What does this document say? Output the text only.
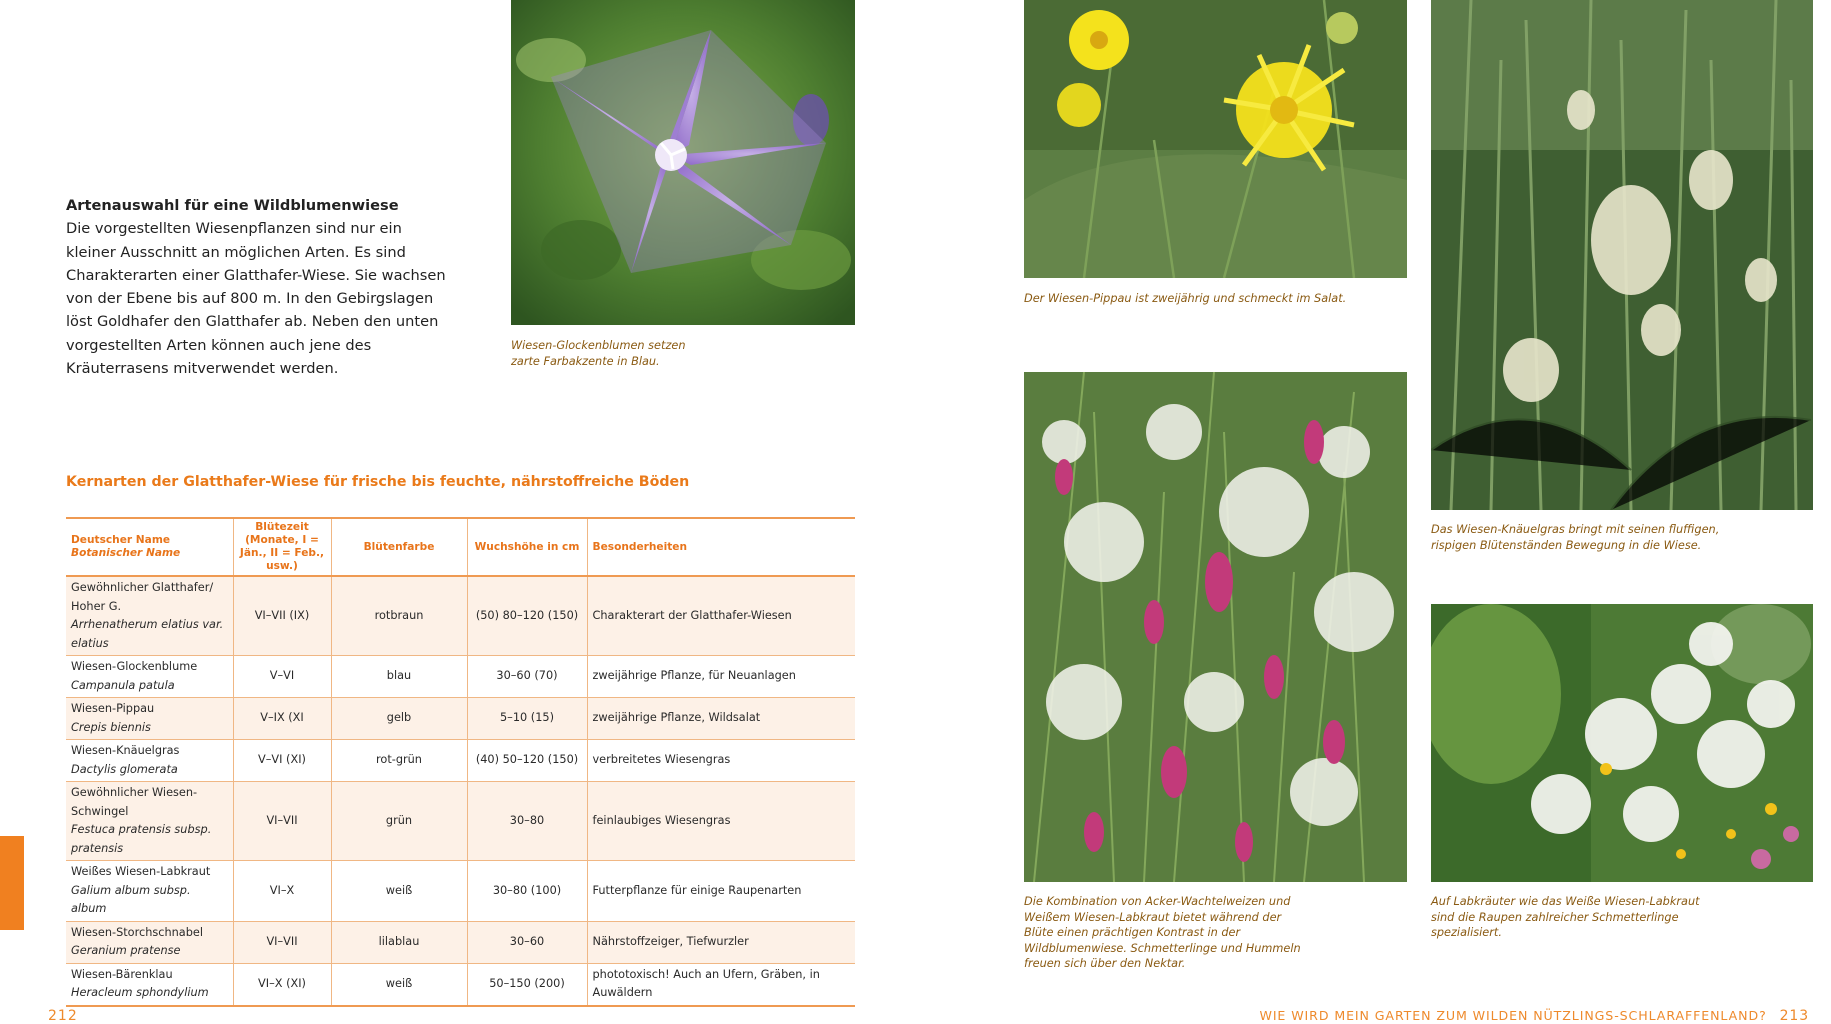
Artenauswahl für eine Wildblumenwiese

Die vorgestellten Wiesenpflanzen sind nur ein kleiner Ausschnitt an möglichen Arten. Es sind Charakterarten einer Glatthafer-Wiese. Sie wachsen von der Ebene bis auf 800 m. In den Gebirgslagen löst Goldhafer den Glatthafer ab. Neben den unten vorgestellten Arten können auch jene des Kräuterrasens mitverwendet werden.

Wiesen-Glockenblumen setzen zarte Farbakzente in Blau.
Der Wiesen-Pippau ist zweijährig und schmeckt im Salat.
Das Wiesen-Knäuelgras bringt mit seinen fluffigen, rispigen Blütenständen Bewegung in die Wiese.
Die Kombination von Acker-Wachtelweizen und Weißem Wiesen-Labkraut bietet während der Blüte einen prächtigen Kontrast in der Wildblumenwiese. Schmetterlinge und Hummeln freuen sich über den Nektar.
Auf Labkräuter wie das Weiße Wiesen-Labkraut sind die Raupen zahlreicher Schmetterlinge spezialisiert.
Kernarten der Glatthafer-Wiese für frische bis feuchte, nährstoffreiche Böden
Deutscher Name
Botanischer Name	Blütezeit (Monate, I = Jän., II = Feb., usw.)	Blütenfarbe	Wuchshöhe in cm	Besonderheiten
Gewöhnlicher Glatthafer/ Hoher G.
Arrhenatherum elatius var. elatius	VI–VII (IX)	rotbraun	(50) 80–120 (150)	Charakterart der Glatthafer-Wiesen
Wiesen-Glockenblume
Campanula patula	V–VI	blau	30–60 (70)	zweijährige Pflanze, für Neuanlagen
Wiesen-Pippau
Crepis biennis	V–IX (XI	gelb	5–10 (15)	zweijährige Pflanze, Wildsalat
Wiesen-Knäuelgras
Dactylis glomerata	V–VI (XI)	rot-grün	(40) 50–120 (150)	verbreitetes Wiesengras
Gewöhnlicher Wiesen-Schwingel
Festuca pratensis subsp. pratensis	VI–VII	grün	30–80	feinlaubiges Wiesengras
Weißes Wiesen-Labkraut
Galium album subsp. album	VI–X	weiß	30–80 (100)	Futterpflanze für einige Raupenarten
Wiesen-Storchschnabel
Geranium pratense	VI–VII	lilablau	30–60	Nährstoffzeiger, Tiefwurzler
Wiesen-Bärenklau
Heracleum sphondylium	VI–X (XI)	weiß	50–150 (200)	phototoxisch! Auch an Ufern, Gräben, in Auwäldern
212	WIE WIRD MEIN GARTEN ZUM WILDEN NÜTZLINGS-SCHLARAFFENLAND? 213
